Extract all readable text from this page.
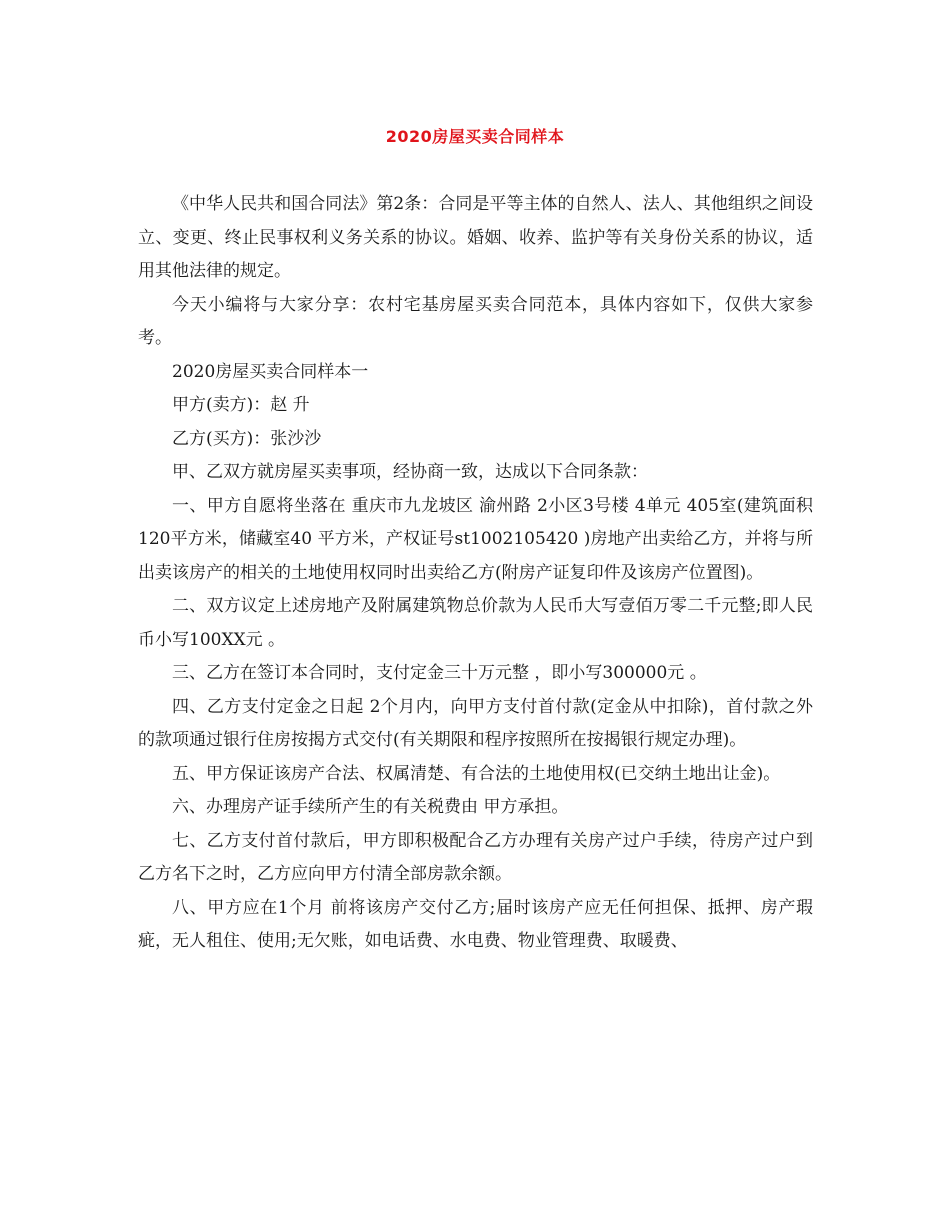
2020房屋买卖合同样本

《中华人民共和国合同法》第2条：合同是平等主体的自然人、法人、其他组织之间设立、变更、终止民事权利义务关系的协议。婚姻、收养、监护等有关身份关系的协议，适用其他法律的规定。

今天小编将与大家分享：农村宅基房屋买卖合同范本，具体内容如下，仅供大家参考。

2020房屋买卖合同样本一

甲方(卖方)：赵 升

乙方(买方)：张沙沙

甲、乙双方就房屋买卖事项，经协商一致，达成以下合同条款：

一、甲方自愿将坐落在 重庆市九龙坡区 渝州路 2小区3号楼 4单元 405室(建筑面积120平方米，储藏室40 平方米，产权证号st1002105420 )房地产出卖给乙方，并将与所出卖该房产的相关的土地使用权同时出卖给乙方(附房产证复印件及该房产位置图)。

二、双方议定上述房地产及附属建筑物总价款为人民币大写壹佰万零二千元整;即人民币小写100XX元 。

三、乙方在签订本合同时，支付定金三十万元整 ，即小写300000元 。

四、乙方支付定金之日起 2个月内，向甲方支付首付款(定金从中扣除)，首付款之外的款项通过银行住房按揭方式交付(有关期限和程序按照所在按揭银行规定办理)。

五、甲方保证该房产合法、权属清楚、有合法的土地使用权(已交纳土地出让金)。

六、办理房产证手续所产生的有关税费由 甲方承担。

七、乙方支付首付款后，甲方即积极配合乙方办理有关房产过户手续，待房产过户到乙方名下之时，乙方应向甲方付清全部房款余额。

八、甲方应在1个月 前将该房产交付乙方;届时该房产应无任何担保、抵押、房产瑕疵，无人租住、使用;无欠账，如电话费、水电费、物业管理费、取暖费、
